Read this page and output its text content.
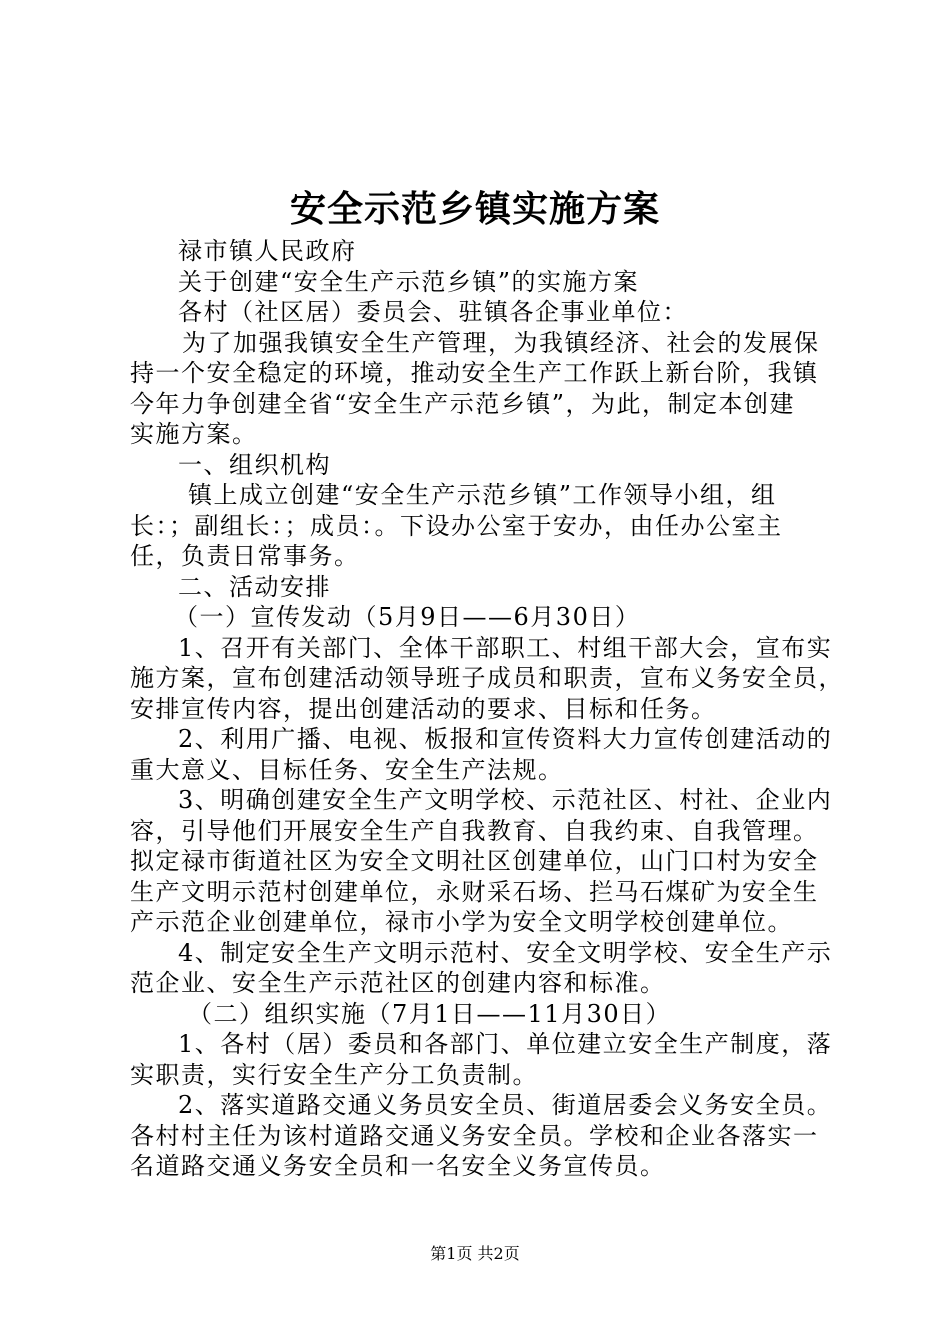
安全示范乡镇实施方案
禄市镇人民政府
关于创建“安全生产示范乡镇”的实施方案
各村（社区居）委员会、驻镇各企事业单位：
为了加强我镇安全生产管理，为我镇经济、社会的发展保
持一个安全稳定的环境，推动安全生产工作跃上新台阶，我镇
今年力争创建全省“安全生产示范乡镇”，为此，制定本创建
实施方案。
一、组织机构
镇上成立创建“安全生产示范乡镇”工作领导小组，组
长：；副组长：；成员：。下设办公室于安办，由任办公室主
任，负责日常事务。
二、活动安排
（一）宣传发动（5月9日——6月30日）
1、召开有关部门、全体干部职工、村组干部大会，宣布实
施方案，宣布创建活动领导班子成员和职责，宣布义务安全员，
安排宣传内容，提出创建活动的要求、目标和任务。
2、利用广播、电视、板报和宣传资料大力宣传创建活动的
重大意义、目标任务、安全生产法规。
3、明确创建安全生产文明学校、示范社区、村社、企业内
容，引导他们开展安全生产自我教育、自我约束、自我管理。
拟定禄市街道社区为安全文明社区创建单位，山门口村为安全
生产文明示范村创建单位，永财采石场、拦马石煤矿为安全生
产示范企业创建单位，禄市小学为安全文明学校创建单位。
4、制定安全生产文明示范村、安全文明学校、安全生产示
范企业、安全生产示范社区的创建内容和标准。
（二）组织实施（7月1日——11月30日）
1、各村（居）委员和各部门、单位建立安全生产制度，落
实职责，实行安全生产分工负责制。
2、落实道路交通义务员安全员、街道居委会义务安全员。
各村村主任为该村道路交通义务安全员。学校和企业各落实一
名道路交通义务安全员和一名安全义务宣传员。
第1页 共2页
